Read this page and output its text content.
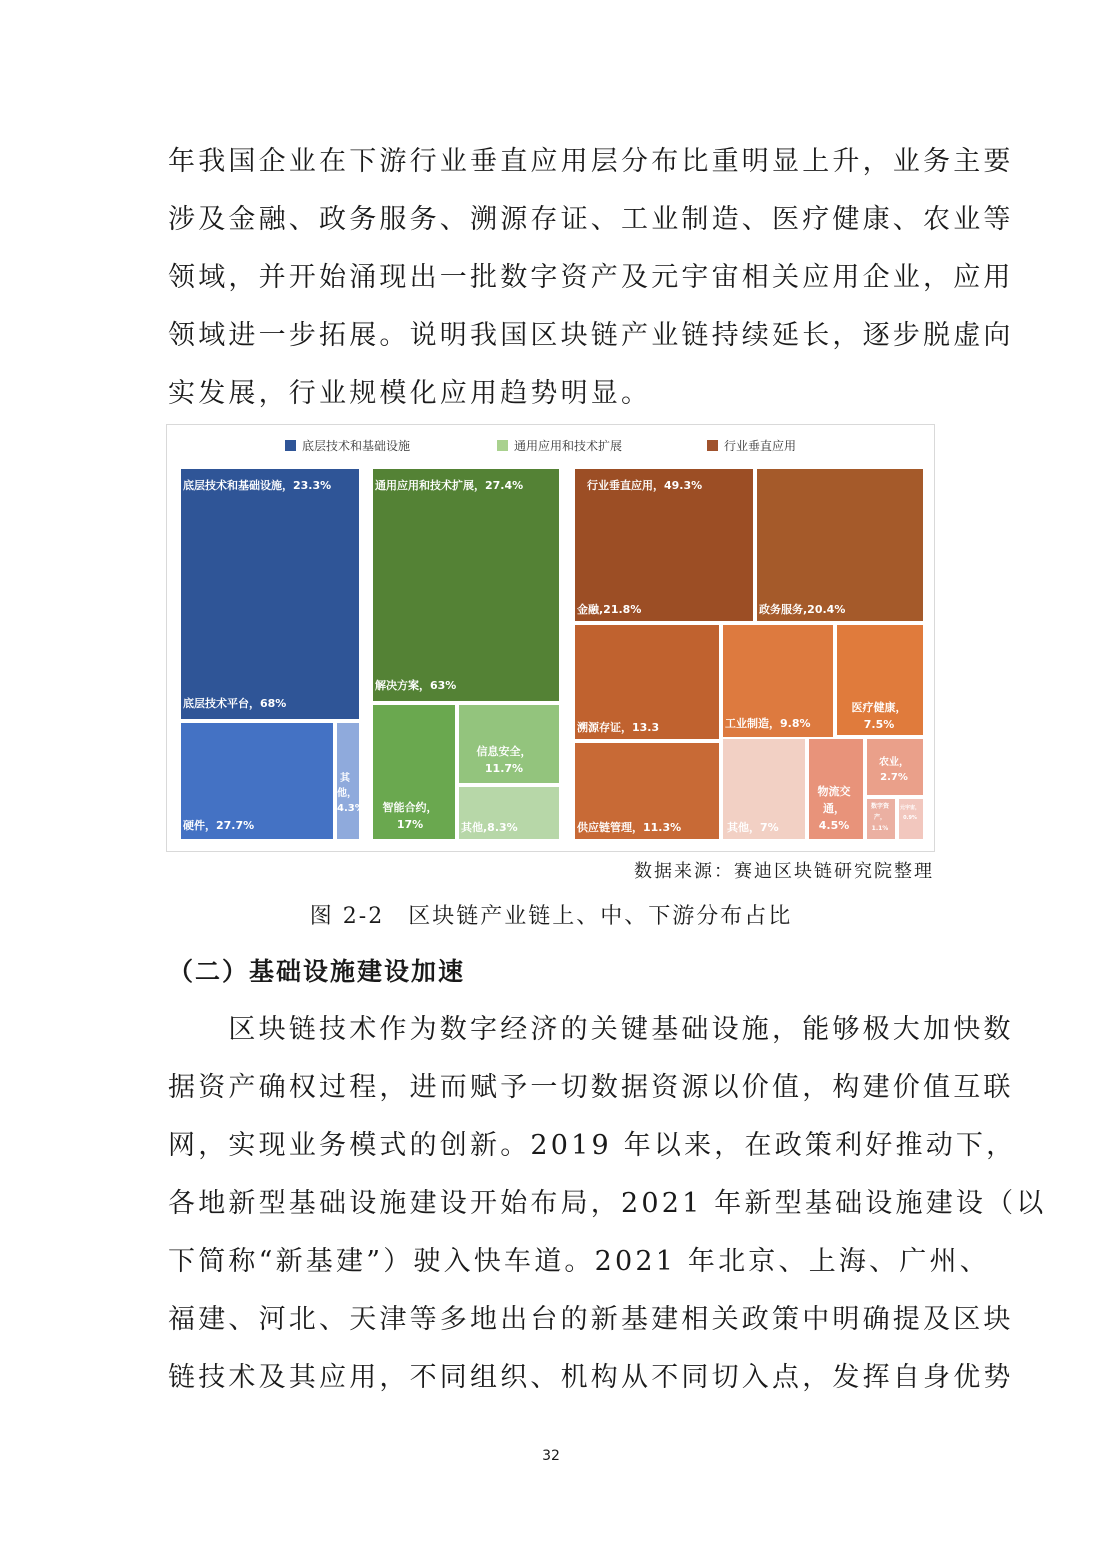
年我国企业在下游行业垂直应用层分布比重明显上升，业务主要
涉及金融、政务服务、溯源存证、工业制造、医疗健康、农业等
领域，并开始涌现出一批数字资产及元宇宙相关应用企业，应用
领域进一步拓展。说明我国区块链产业链持续延长，逐步脱虚向
实发展，行业规模化应用趋势明显。
底层技术和基础设施	通用应用和技术扩展	行业垂直应用
底层技术平台，68%
硬件，27.7%
其他，4.3%
底层技术和基础设施，23.3%
解决方案，63%
智能合约，17%
信息安全，11.7%
其他,8.3%
通用应用和技术扩展，27.4%
金融,21.8%	政务服务,20.4%
溯源存证，13.3
供应链管理，11.3%
工业制造，9.8%
医疗健康，7.5%
其他，7%
物流交通，4.5%
农业，2.7%
数字资产，1.1%
元宇宙，0.9%
行业垂直应用，49.3%
数据来源：赛迪区块链研究院整理
图 2-2　区块链产业链上、中、下游分布占比
（二）基础设施建设加速
　　区块链技术作为数字经济的关键基础设施，能够极大加快数
据资产确权过程，进而赋予一切数据资源以价值，构建价值互联
网，实现业务模式的创新。2019 年以来，在政策利好推动下，
各地新型基础设施建设开始布局，2021 年新型基础设施建设（以
下简称“新基建”）驶入快车道。2021 年北京、上海、广州、
福建、河北、天津等多地出台的新基建相关政策中明确提及区块
链技术及其应用，不同组织、机构从不同切入点，发挥自身优势
32
